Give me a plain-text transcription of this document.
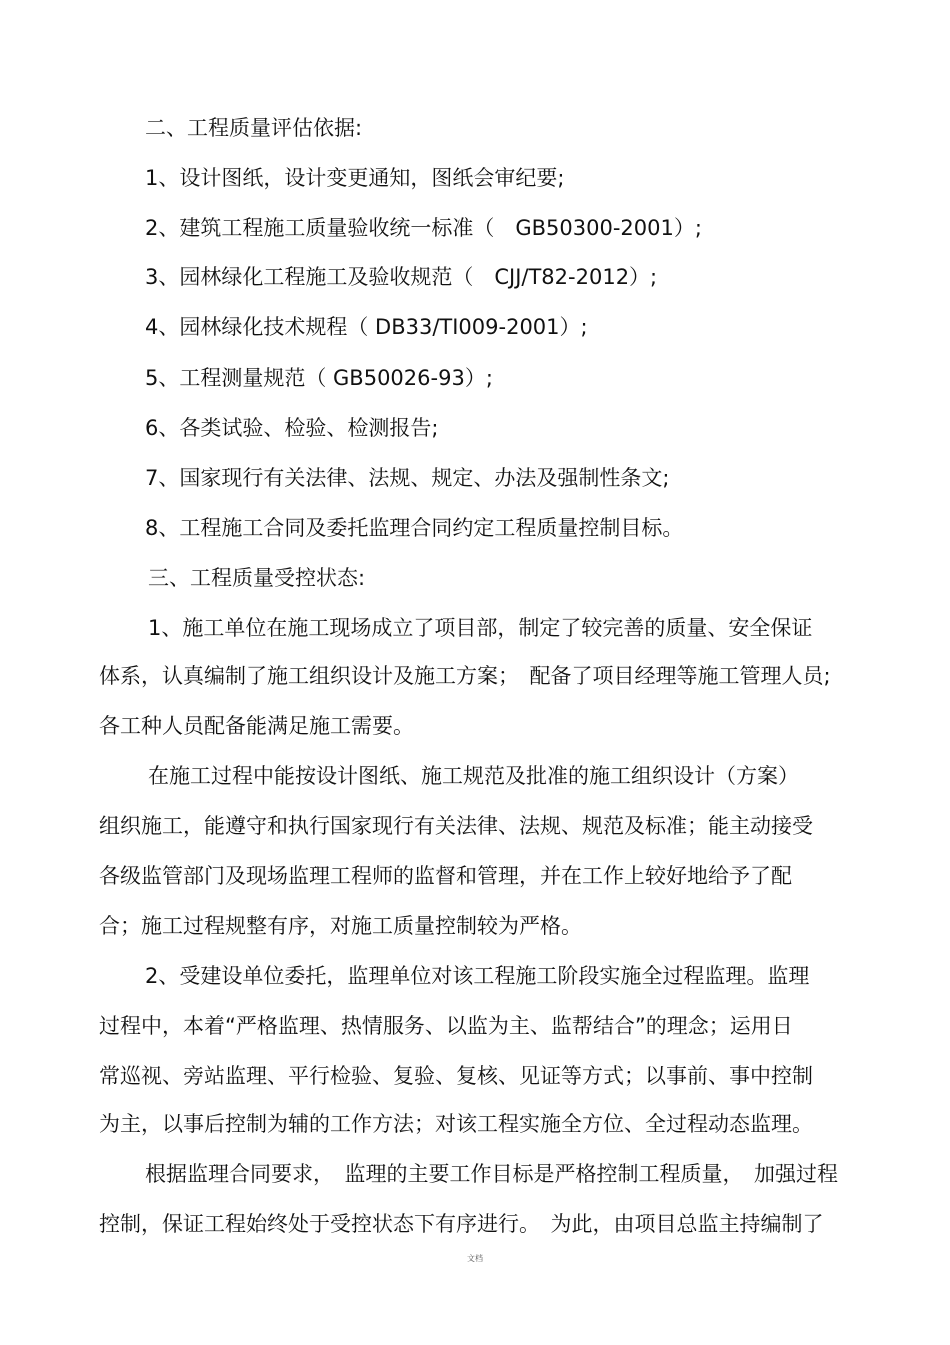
二、工程质量评估依据:

1、设计图纸，设计变更通知，图纸会审纪要;

2、建筑工程施工质量验收统一标准（　GB50300-2001）;

3、园林绿化工程施工及验收规范（　CJJ/T82-2012）;

4、园林绿化技术规程（ DB33/TI009-2001）;

5、工程测量规范（ GB50026-93）;

6、各类试验、检验、检测报告;

7、国家现行有关法律、法规、规定、办法及强制性条文;

8、工程施工合同及委托监理合同约定工程质量控制目标。

三、工程质量受控状态:

1、施工单位在施工现场成立了项目部，制定了较完善的质量、安全保证

体系，认真编制了施工组织设计及施工方案；　配备了项目经理等施工管理人员;

各工种人员配备能满足施工需要。

在施工过程中能按设计图纸、施工规范及批准的施工组织设计（方案）

组织施工，能遵守和执行国家现行有关法律、法规、规范及标准；能主动接受

各级监管部门及现场监理工程师的监督和管理，并在工作上较好地给予了配

合；施工过程规整有序，对施工质量控制较为严格。

2、受建设单位委托，监理单位对该工程施工阶段实施全过程监理。监理

过程中，本着“严格监理、热情服务、以监为主、监帮结合”的理念；运用日

常巡视、旁站监理、平行检验、复验、复核、见证等方式；以事前、事中控制

为主，以事后控制为辅的工作方法；对该工程实施全方位、全过程动态监理。

根据监理合同要求，　监理的主要工作目标是严格控制工程质量，　加强过程

控制，保证工程始终处于受控状态下有序进行。　为此，由项目总监主持编制了

文档
